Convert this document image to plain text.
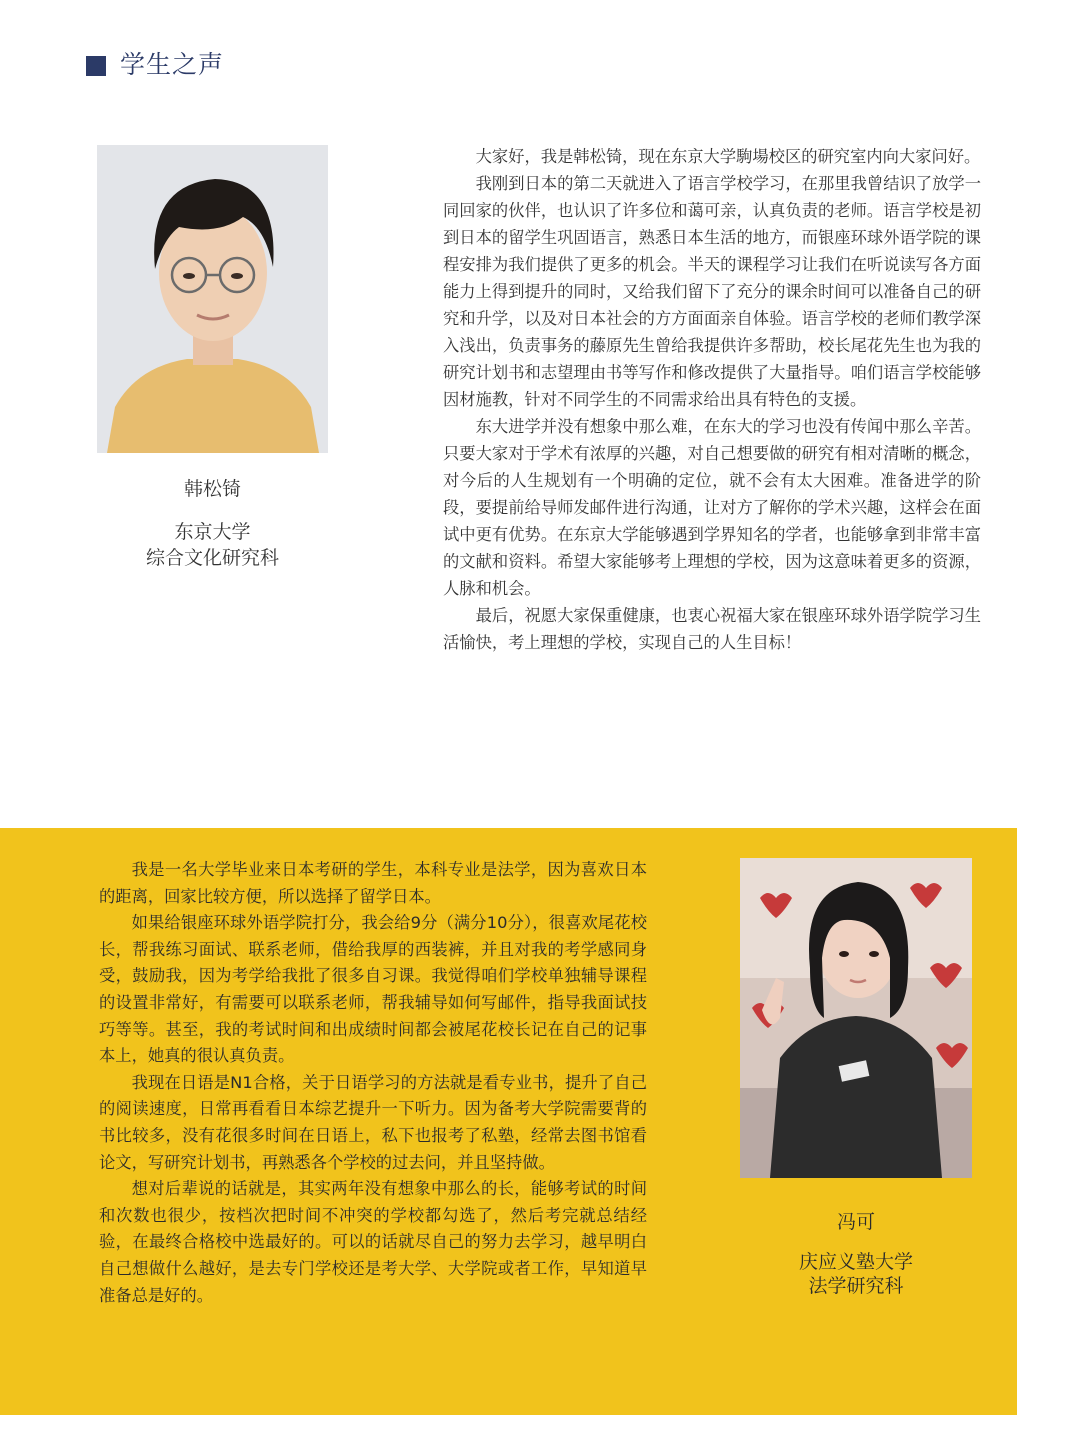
学生之声
韩松锜
东京大学
综合文化研究科

大家好，我是韩松锜，现在东京大学駒場校区的研究室内向大家问好。

我刚到日本的第二天就进入了语言学校学习，在那里我曾结识了放学一同回家的伙伴，也认识了许多位和蔼可亲，认真负责的老师。语言学校是初到日本的留学生巩固语言，熟悉日本生活的地方，而银座环球外语学院的课程安排为我们提供了更多的机会。半天的课程学习让我们在听说读写各方面能力上得到提升的同时，又给我们留下了充分的课余时间可以准备自己的研究和升学，以及对日本社会的方方面面亲自体验。语言学校的老师们教学深入浅出，负责事务的藤原先生曾给我提供许多帮助，校长尾花先生也为我的研究计划书和志望理由书等写作和修改提供了大量指导。咱们语言学校能够因材施教，针对不同学生的不同需求给出具有特色的支援。

东大进学并没有想象中那么难，在东大的学习也没有传闻中那么辛苦。只要大家对于学术有浓厚的兴趣，对自己想要做的研究有相对清晰的概念，对今后的人生规划有一个明确的定位，就不会有太大困难。准备进学的阶段，要提前给导师发邮件进行沟通，让对方了解你的学术兴趣，这样会在面试中更有优势。在东京大学能够遇到学界知名的学者，也能够拿到非常丰富的文献和资料。希望大家能够考上理想的学校，因为这意味着更多的资源，人脉和机会。

最后，祝愿大家保重健康，也衷心祝福大家在银座环球外语学院学习生活愉快，考上理想的学校，实现自己的人生目标！

我是一名大学毕业来日本考研的学生，本科专业是法学，因为喜欢日本的距离，回家比较方便，所以选择了留学日本。

如果给银座环球外语学院打分，我会给9分（满分10分），很喜欢尾花校长，帮我练习面试、联系老师，借给我厚的西装裤，并且对我的考学感同身受，鼓励我，因为考学给我批了很多自习课。我觉得咱们学校单独辅导课程的设置非常好，有需要可以联系老师，帮我辅导如何写邮件，指导我面试技巧等等。甚至，我的考试时间和出成绩时间都会被尾花校长记在自己的记事本上，她真的很认真负责。

我现在日语是N1合格，关于日语学习的方法就是看专业书，提升了自己的阅读速度，日常再看看日本综艺提升一下听力。因为备考大学院需要背的书比较多，没有花很多时间在日语上，私下也报考了私塾，经常去图书馆看论文，写研究计划书，再熟悉各个学校的过去问，并且坚持做。

想对后辈说的话就是，其实两年没有想象中那么的长，能够考试的时间和次数也很少，按档次把时间不冲突的学校都勾选了，然后考完就总结经验，在最终合格校中选最好的。可以的话就尽自己的努力去学习，越早明白自己想做什么越好，是去专门学校还是考大学、大学院或者工作，早知道早准备总是好的。

冯可
庆应义塾大学
法学研究科
